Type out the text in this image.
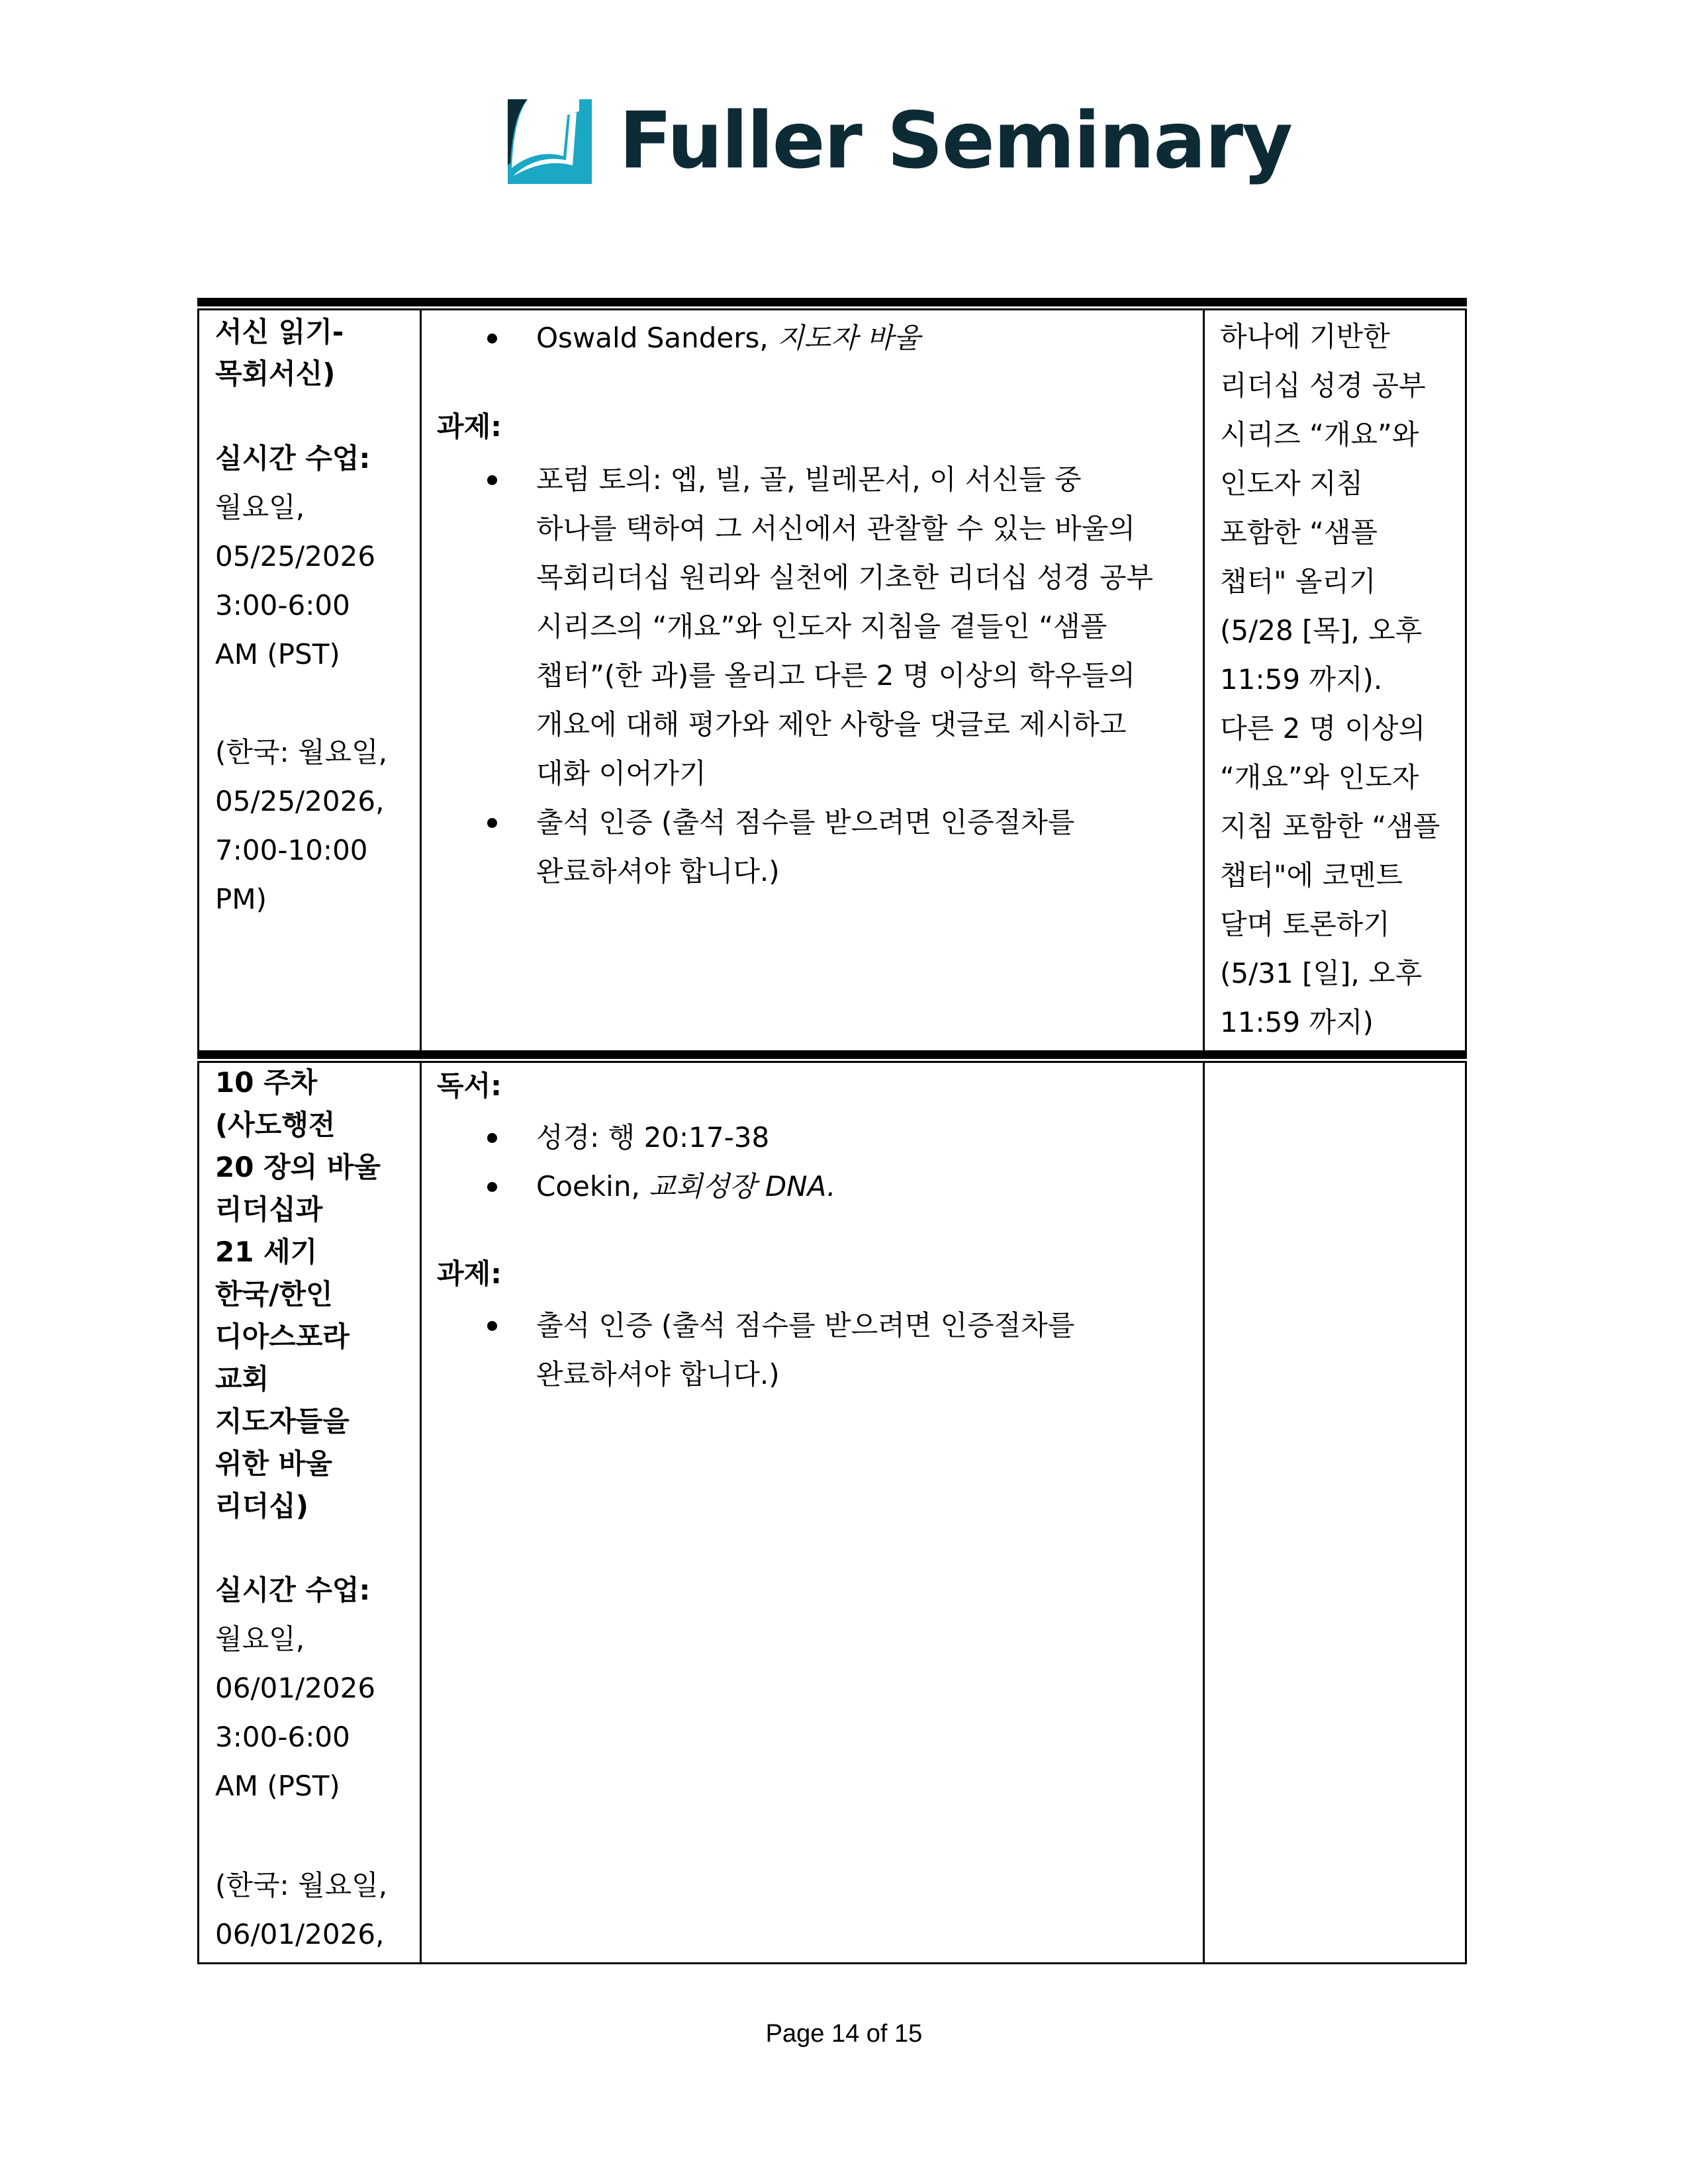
Fuller Seminary
서신 읽기-
목회서신)
실시간 수업:
월요일,
05/25/2026
3:00-6:00
AM (PST)
(한국: 월요일,
05/25/2026,
7:00-10:00
PM)
Oswald Sanders, 지도자 바울
과제:
포럼 토의: 엡, 빌, 골, 빌레몬서, 이 서신들 중
하나를 택하여 그 서신에서 관찰할 수 있는 바울의
목회리더십 원리와 실천에 기초한 리더십 성경 공부
시리즈의 “개요”와 인도자 지침을 곁들인 “샘플
챕터”(한 과)를 올리고 다른 2 명 이상의 학우들의
개요에 대해 평가와 제안 사항을 댓글로 제시하고
대화 이어가기
출석 인증 (출석 점수를 받으려면 인증절차를
완료하셔야 합니다.)
하나에 기반한
리더십 성경 공부
시리즈 “개요”와
인도자 지침
포함한 “샘플
챕터" 올리기
(5/28 [목], 오후
11:59 까지).
다른 2 명 이상의
“개요”와 인도자
지침 포함한 “샘플
챕터"에 코멘트
달며 토론하기
(5/31 [일], 오후
11:59 까지)
10 주차
(사도행전
20 장의 바울
리더십과
21 세기
한국/한인
디아스포라
교회
지도자들을
위한 바울
리더십)
실시간 수업:
월요일,
06/01/2026
3:00-6:00
AM (PST)
(한국: 월요일,
06/01/2026,
독서:
성경: 행 20:17-38
Coekin, 교회성장 DNA.
과제:
출석 인증 (출석 점수를 받으려면 인증절차를
완료하셔야 합니다.)
Page 14 of 15
